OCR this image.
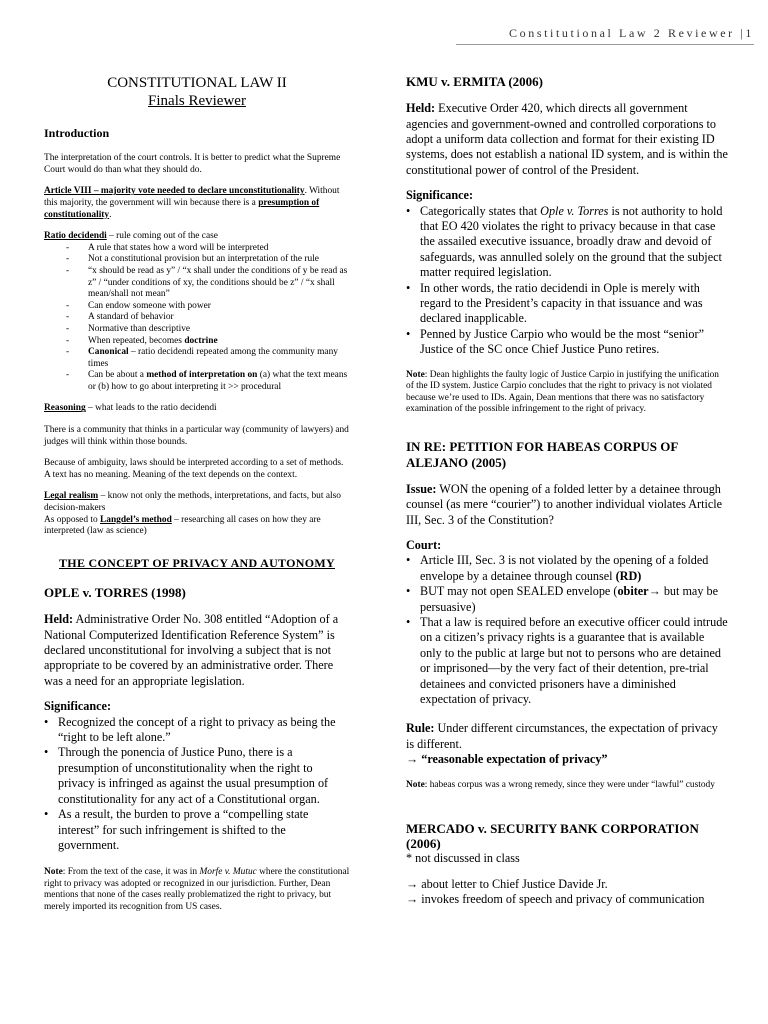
Constitutional Law 2 Reviewer |1
CONSTITUTIONAL LAW II
Finals Reviewer
Introduction

The interpretation of the court controls. It is better to predict what the Supreme Court would do than what they should do.

Article VIII – majority vote needed to declare unconstitutionality. Without this majority, the government will win because there is a presumption of constitutionality.

Ratio decidendi – rule coming out of the case

- A rule that states how a word will be interpreted
- Not a constitutional provision but an interpretation of the rule
- “x should be read as y” / “x shall under the conditions of y be read as z” / “under conditions of xy, the conditions should be z” / “x shall mean/shall not mean”
- Can endow someone with power
- A standard of behavior
- Normative than descriptive
- When repeated, becomes doctrine
- Canonical – ratio decidendi repeated among the community many times
- Can be about a method of interpretation on (a) what the text means or (b) how to go about interpreting it >> procedural

Reasoning – what leads to the ratio decidendi

There is a community that thinks in a particular way (community of lawyers) and judges will think within those bounds.

Because of ambiguity, laws should be interpreted according to a set of methods. A text has no meaning. Meaning of the text depends on the context.

Legal realism – know not only the methods, interpretations, and facts, but also decision-makers

As opposed to Langdel’s method – researching all cases on how they are interpreted (law as science)

THE CONCEPT OF PRIVACY AND AUTONOMY
OPLE v. TORRES (1998)

Held: Administrative Order No. 308 entitled “Adoption of a National Computerized Identification Reference System” is declared unconstitutional for involving a subject that is not appropriate to be covered by an administrative order. There was a need for an appropriate legislation.

Significance:

• Recognized the concept of a right to privacy as being the “right to be left alone.”
• Through the ponencia of Justice Puno, there is a presumption of unconstitutionality when the right to privacy is infringed as against the usual presumption of constitutionality for any act of a Constitutional organ.
• As a result, the burden to prove a “compelling state interest” for such infringement is shifted to the government.

Note: From the text of the case, it was in Morfe v. Mutuc where the constitutional right to privacy was adopted or recognized in our jurisdiction. Further, Dean mentions that none of the cases really problematized the right to privacy, but merely imported its recognition from US cases.

KMU v. ERMITA (2006)

Held: Executive Order 420, which directs all government agencies and government-owned and controlled corporations to adopt a uniform data collection and format for their existing ID systems, does not establish a national ID system, and is within the constitutional power of control of the President.

Significance:

• Categorically states that Ople v. Torres is not authority to hold that EO 420 violates the right to privacy because in that case the assailed executive issuance, broadly draw and devoid of safeguards, was annulled solely on the ground that the subject matter required legislation.
• In other words, the ratio decidendi in Ople is merely with regard to the President’s capacity in that issuance and was declared inapplicable.
• Penned by Justice Carpio who would be the most “senior” Justice of the SC once Chief Justice Puno retires.

Note: Dean highlights the faulty logic of Justice Carpio in justifying the unification of the ID system. Justice Carpio concludes that the right to privacy is not violated because we’re used to IDs. Again, Dean mentions that there was no satisfactory examination of the possible infringement to the right of privacy.

IN RE: PETITION FOR HABEAS CORPUS OF ALEJANO (2005)

Issue: WON the opening of a folded letter by a detainee through counsel (as mere “courier”) to another individual violates Article III, Sec. 3 of the Constitution?

Court:

• Article III, Sec. 3 is not violated by the opening of a folded envelope by a detainee through counsel (RD)
• BUT may not open SEALED envelope (obiter→ but may be persuasive)
• That a law is required before an executive officer could intrude on a citizen’s privacy rights is a guarantee that is available only to the public at large but not to persons who are detained or imprisoned—by the very fact of their detention, pre-trial detainees and convicted prisoners have a diminished expectation of privacy.

Rule: Under different circumstances, the expectation of privacy is different.

→ “reasonable expectation of privacy”

Note: habeas corpus was a wrong remedy, since they were under “lawful” custody

MERCADO v. SECURITY BANK CORPORATION (2006)

* not discussed in class

→ about letter to Chief Justice Davide Jr.

→ invokes freedom of speech and privacy of communication
